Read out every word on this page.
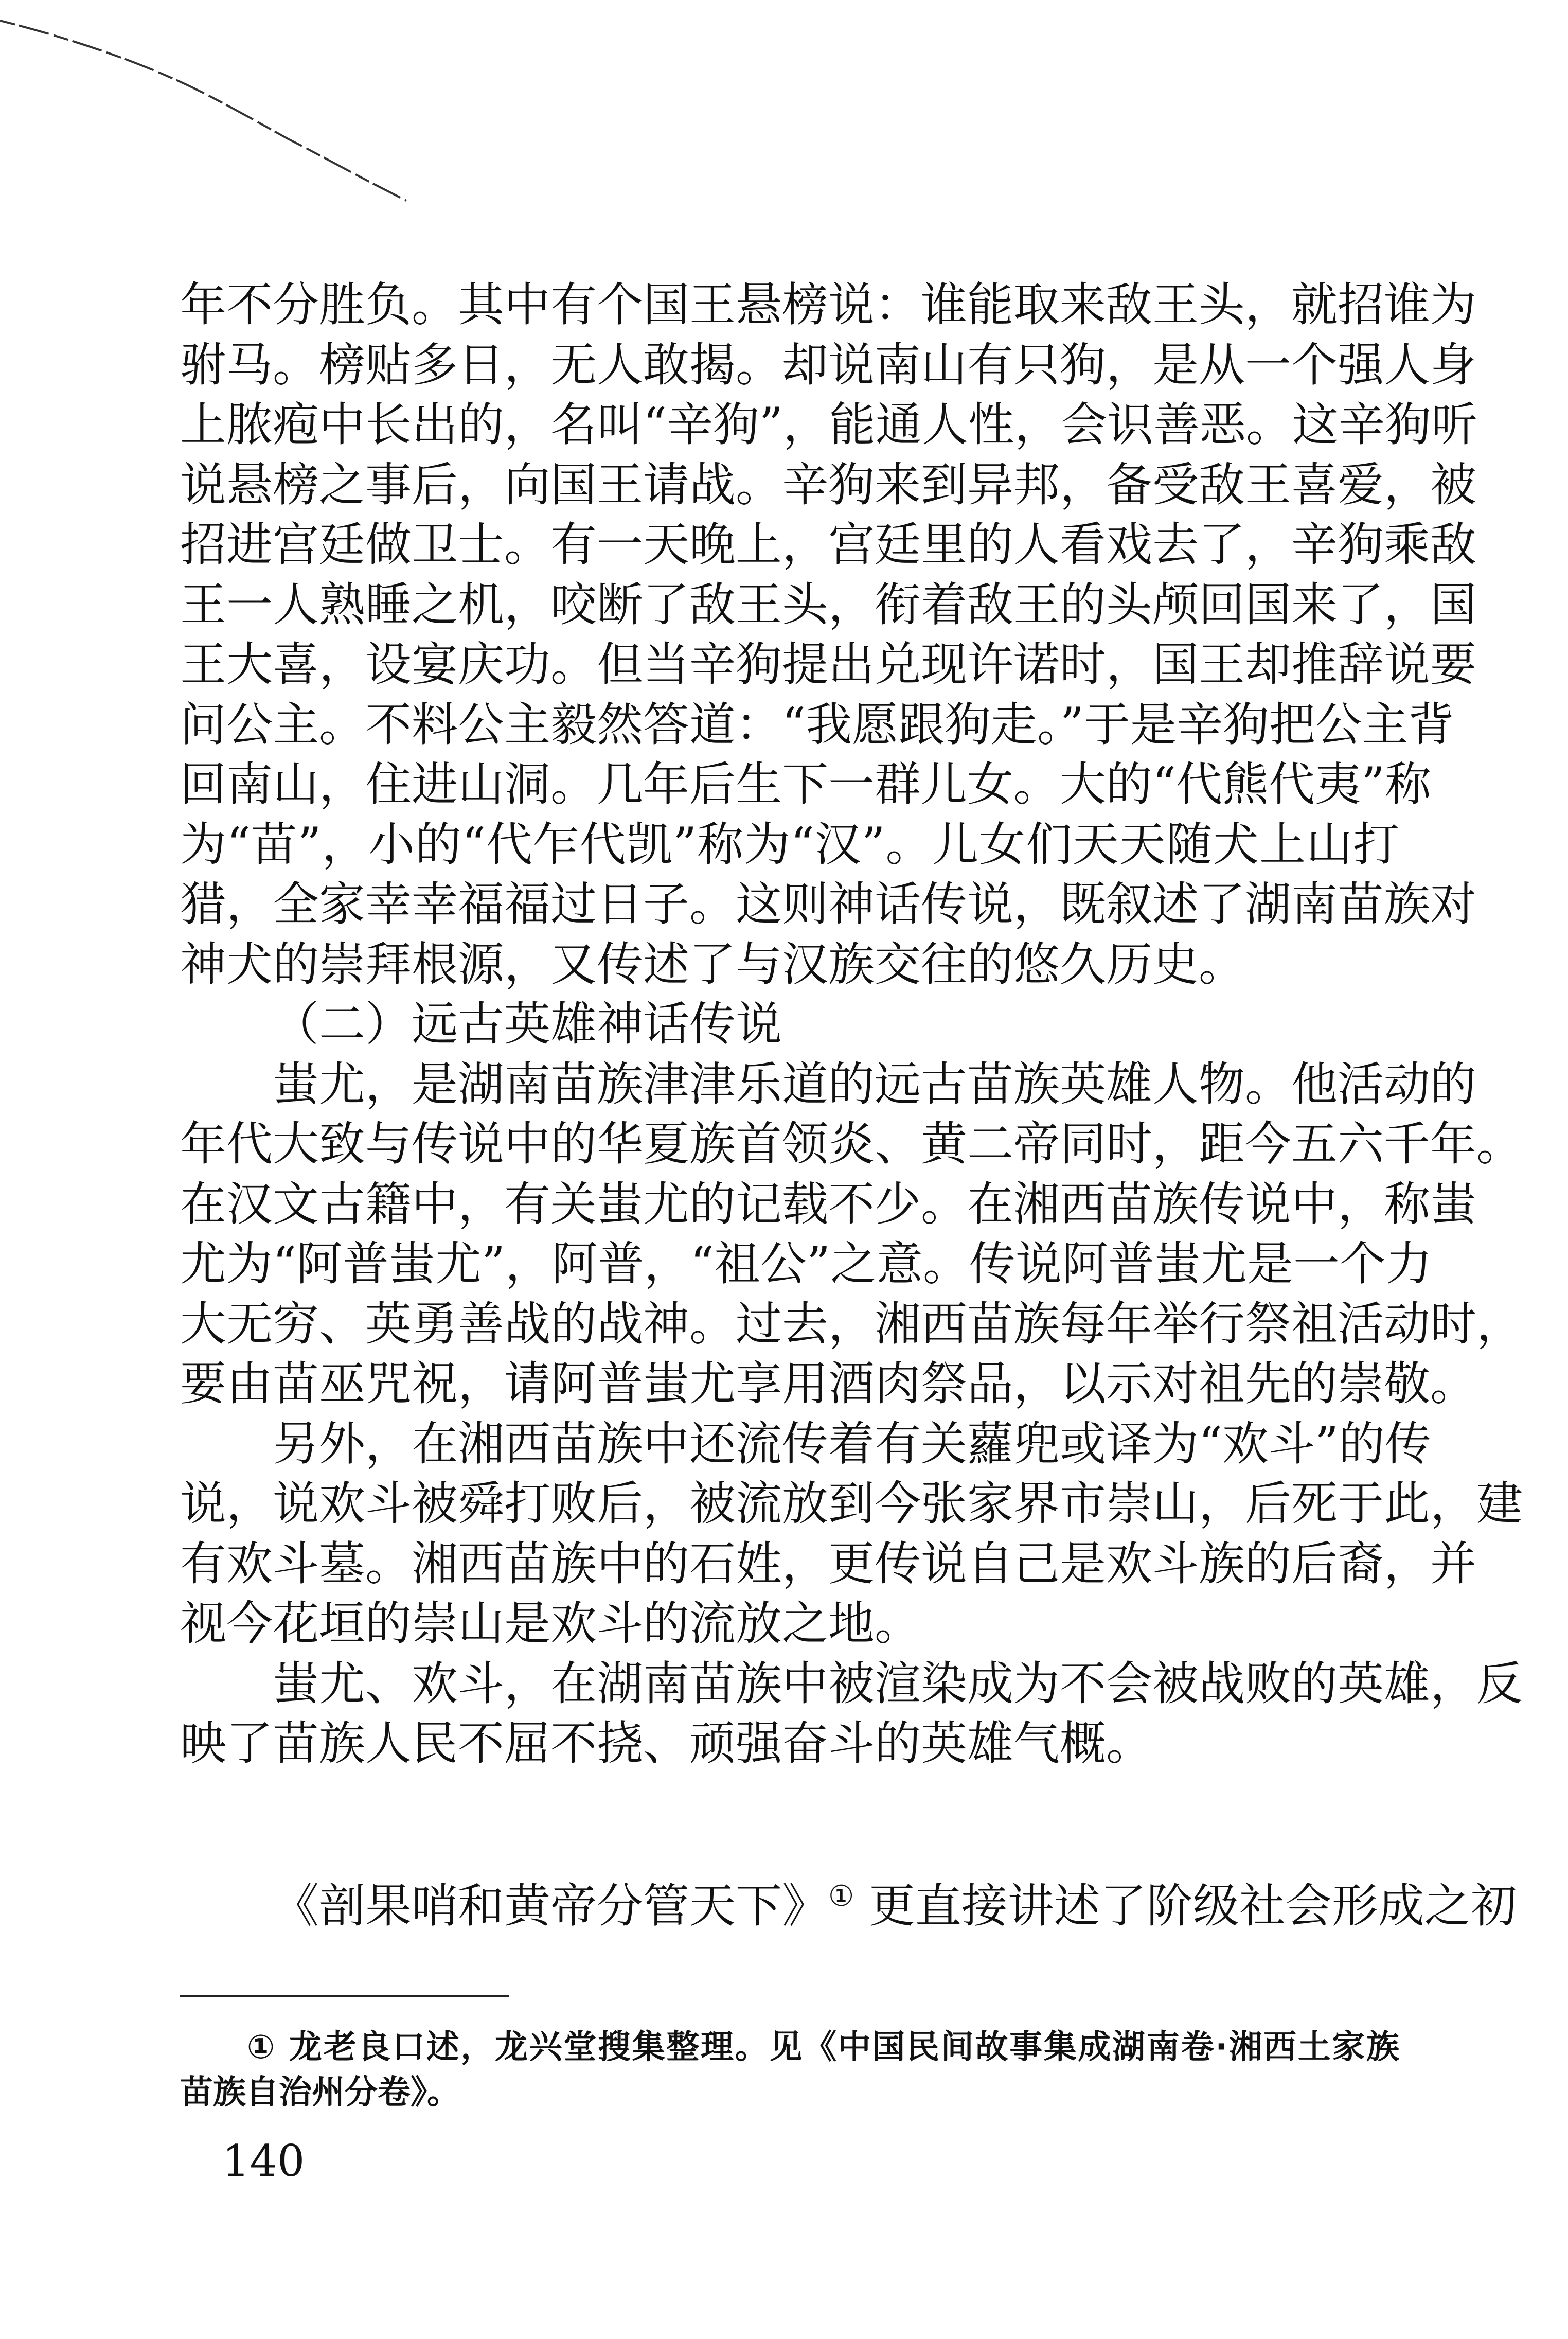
年不分胜负。其中有个国王悬榜说：谁能取来敌王头，就招谁为
驸马。榜贴多日，无人敢揭。却说南山有只狗，是从一个强人身
上脓疱中长出的，名叫“辛狗”，能通人性，会识善恶。这辛狗听
说悬榜之事后，向国王请战。辛狗来到异邦，备受敌王喜爱，被
招进宫廷做卫士。有一天晚上，宫廷里的人看戏去了，辛狗乘敌
王一人熟睡之机，咬断了敌王头，衔着敌王的头颅回国来了，国
王大喜，设宴庆功。但当辛狗提出兑现许诺时，国王却推辞说要
问公主。不料公主毅然答道：“我愿跟狗走。”于是辛狗把公主背
回南山，住进山洞。几年后生下一群儿女。大的“代熊代夷”称
为“苗”，小的“代乍代凯”称为“汉”。儿女们天天随犬上山打
猎，全家幸幸福福过日子。这则神话传说，既叙述了湖南苗族对
神犬的崇拜根源，又传述了与汉族交往的悠久历史。
（二）远古英雄神话传说
蚩尤，是湖南苗族津津乐道的远古苗族英雄人物。他活动的
年代大致与传说中的华夏族首领炎、黄二帝同时，距今五六千年。
在汉文古籍中，有关蚩尤的记载不少。在湘西苗族传说中，称蚩
尤为“阿普蚩尤”，阿普，“祖公”之意。传说阿普蚩尤是一个力
大无穷、英勇善战的战神。过去，湘西苗族每年举行祭祖活动时，
要由苗巫咒祝，请阿普蚩尤享用酒肉祭品，以示对祖先的崇敬。
另外，在湘西苗族中还流传着有关蘿兜或译为“欢斗”的传
说，说欢斗被舜打败后，被流放到今张家界市崇山，后死于此，建
有欢斗墓。湘西苗族中的石姓，更传说自己是欢斗族的后裔，并
视今花垣的崇山是欢斗的流放之地。
蚩尤、欢斗，在湖南苗族中被渲染成为不会被战败的英雄，反
映了苗族人民不屈不挠、顽强奋斗的英雄气概。
《剖果哨和黄帝分管天下》① 更直接讲述了阶级社会形成之初
① 龙老良口述，龙兴堂搜集整理。见《中国民间故事集成湖南卷·湘西土家族
苗族自治州分卷》。
140
